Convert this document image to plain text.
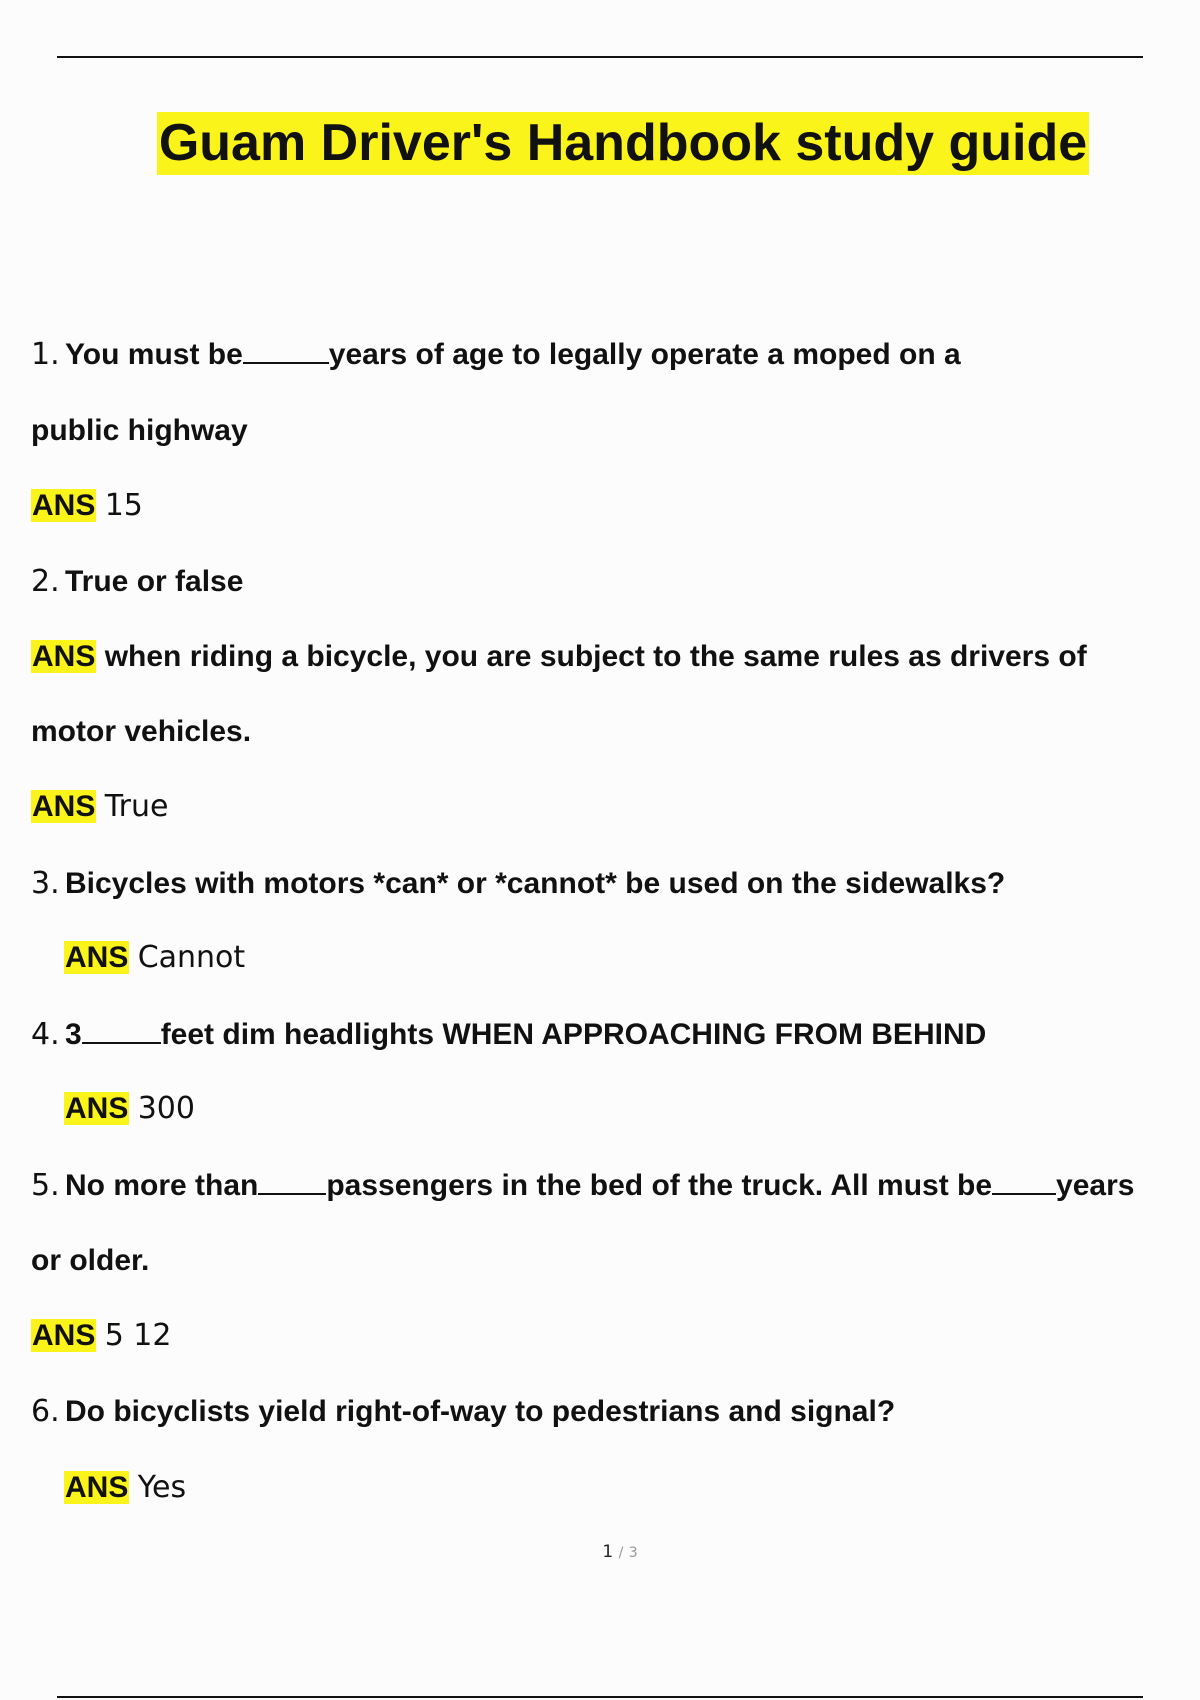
Guam Driver's Handbook study guide
1. You must be	years of age to legally operate a moped on a
public highway
ANS 15
2. True or false
ANS when riding a bicycle, you are subject to the same rules as drivers of
motor vehicles.
ANS True
3. Bicycles with motors *can* or *cannot* be used on the sidewalks?
ANS Cannot
4. 3	feet dim headlights WHEN APPROACHING FROM BEHIND
ANS 300
5. No more than passengers in the bed of the truck. All must be years
or older.
ANS 5 12
6. Do bicyclists yield right-of-way to pedestrians and signal?
ANS Yes
1 / 3
